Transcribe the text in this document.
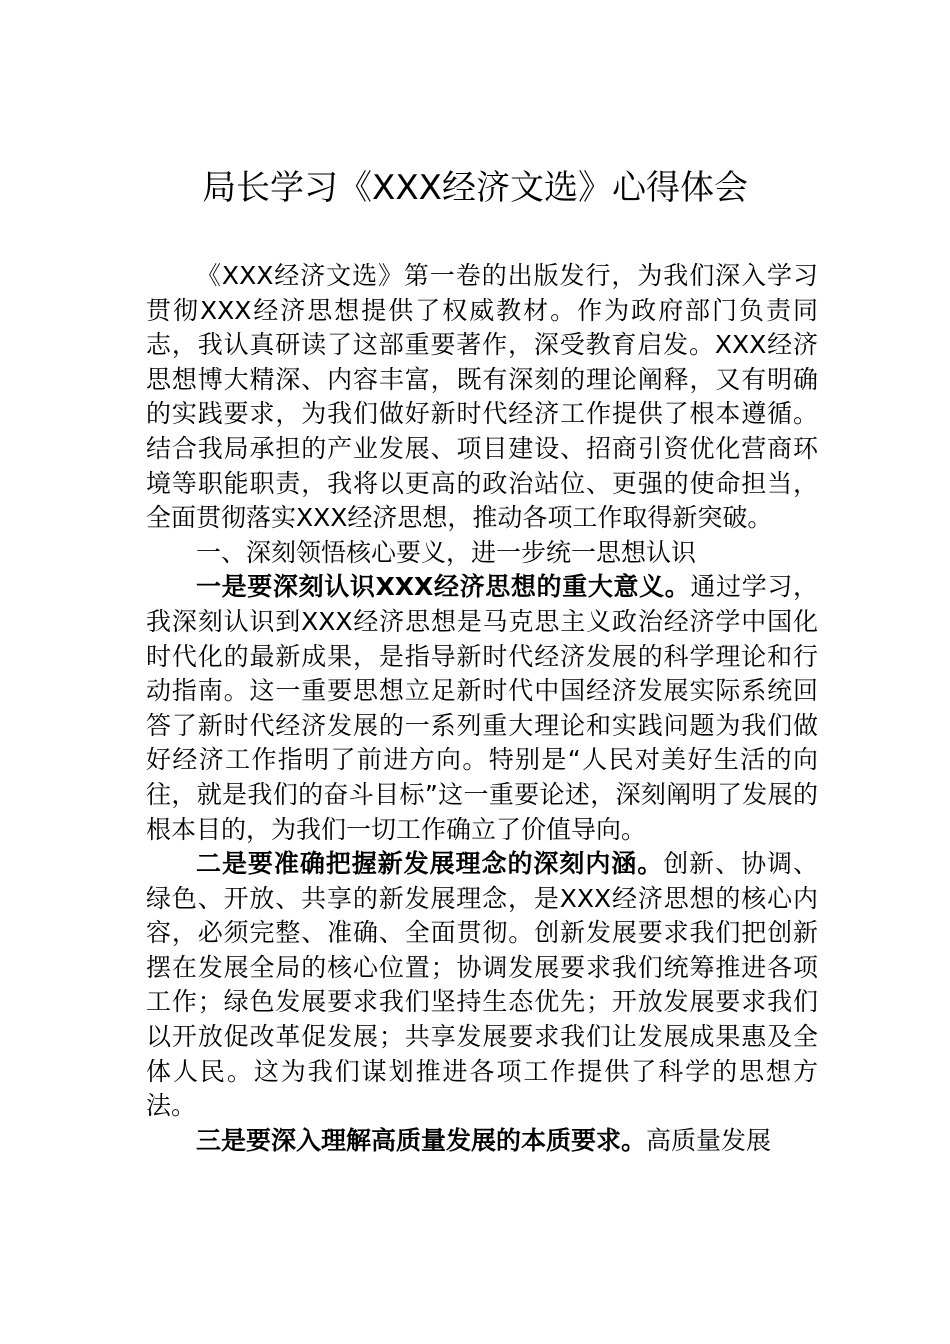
局长学习《XXX经济文选》心得体会

《XXX经济文选》第一卷的出版发行，为我们深入学习贯彻XXX经济思想提供了权威教材。作为政府部门负责同志，我认真研读了这部重要著作，深受教育启发。XXX经济思想博大精深、内容丰富，既有深刻的理论阐释，又有明确的实践要求，为我们做好新时代经济工作提供了根本遵循。结合我局承担的产业发展、项目建设、招商引资优化营商环境等职能职责，我将以更高的政治站位、更强的使命担当，全面贯彻落实XXX经济思想，推动各项工作取得新突破。

一、深刻领悟核心要义，进一步统一思想认识

一是要深刻认识XXX经济思想的重大意义。通过学习，我深刻认识到XXX经济思想是马克思主义政治经济学中国化时代化的最新成果，是指导新时代经济发展的科学理论和行动指南。这一重要思想立足新时代中国经济发展实际系统回答了新时代经济发展的一系列重大理论和实践问题为我们做好经济工作指明了前进方向。特别是“人民对美好生活的向往，就是我们的奋斗目标”这一重要论述，深刻阐明了发展的根本目的，为我们一切工作确立了价值导向。

二是要准确把握新发展理念的深刻内涵。创新、协调、绿色、开放、共享的新发展理念，是XXX经济思想的核心内容，必须完整、准确、全面贯彻。创新发展要求我们把创新摆在发展全局的核心位置；协调发展要求我们统筹推进各项工作；绿色发展要求我们坚持生态优先；开放发展要求我们以开放促改革促发展；共享发展要求我们让发展成果惠及全体人民。这为我们谋划推进各项工作提供了科学的思想方法。

三是要深入理解高质量发展的本质要求。高质量发展
